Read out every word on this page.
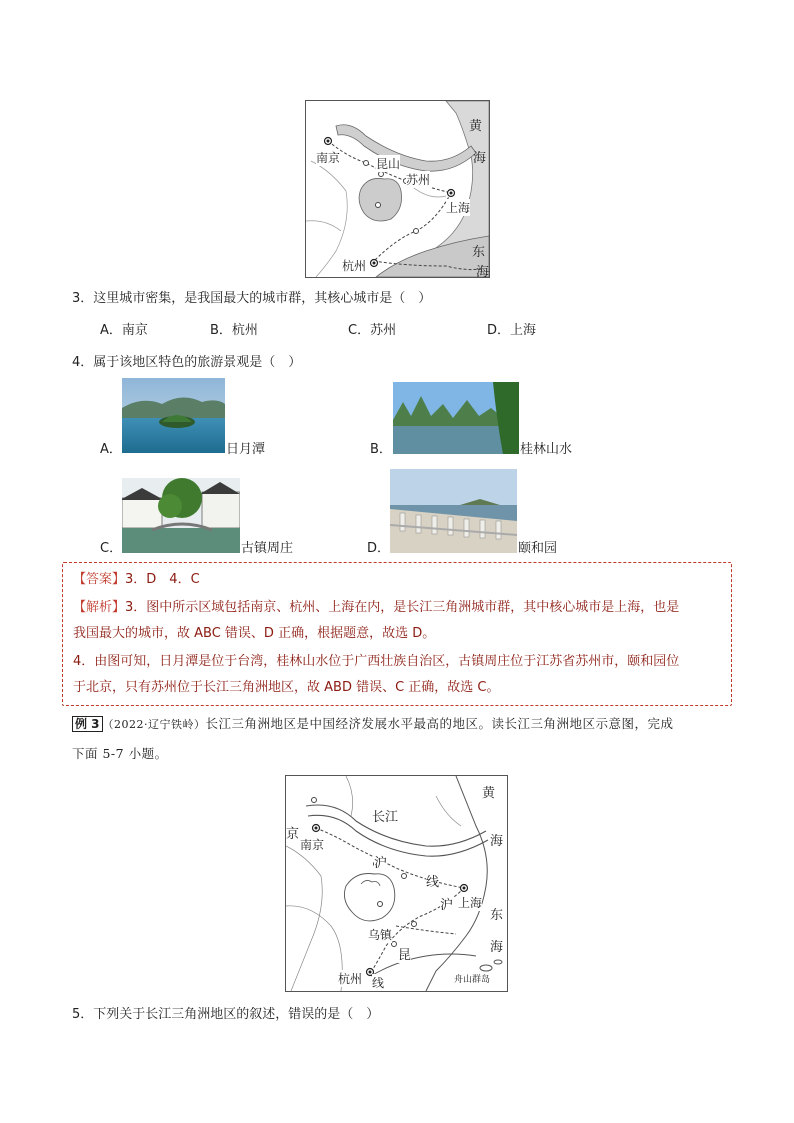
黄
海
南京	昆山
苏州
上海
东
海
杭州
3．这里城市密集，是我国最大的城市群，其核心城市是（　）
A．南京	B．杭州	C．苏州	D．上海
4．属于该地区特色的旅游景观是（　）
A．	日月潭	B．	桂林山水
C．	古镇周庄	D．	颐和园
【答案】3．D　4．C
【解析】3．图中所示区域包括南京、杭州、上海在内，是长江三角洲城市群，其中核心城市是上海，也是
我国最大的城市，故 ABC 错误、D 正确，根据题意，故选 D。
4．由图可知，日月潭是位于台湾，桂林山水位于广西壮族自治区，古镇周庄位于江苏省苏州市，颐和园位
于北京，只有苏州位于长江三角洲地区，故 ABD 错误、C 正确，故选 C。
例 3 （2022·辽宁铁岭）长江三角洲地区是中国经济发展水平最高的地区。读长江三角洲地区示意图，完成
下面 5-7 小题。
黄
长江
京
南京	海
沪
线
上海
沪
东
乌镇
昆
海
杭州 线	舟山群岛
5．下列关于长江三角洲地区的叙述，错误的是（　）
